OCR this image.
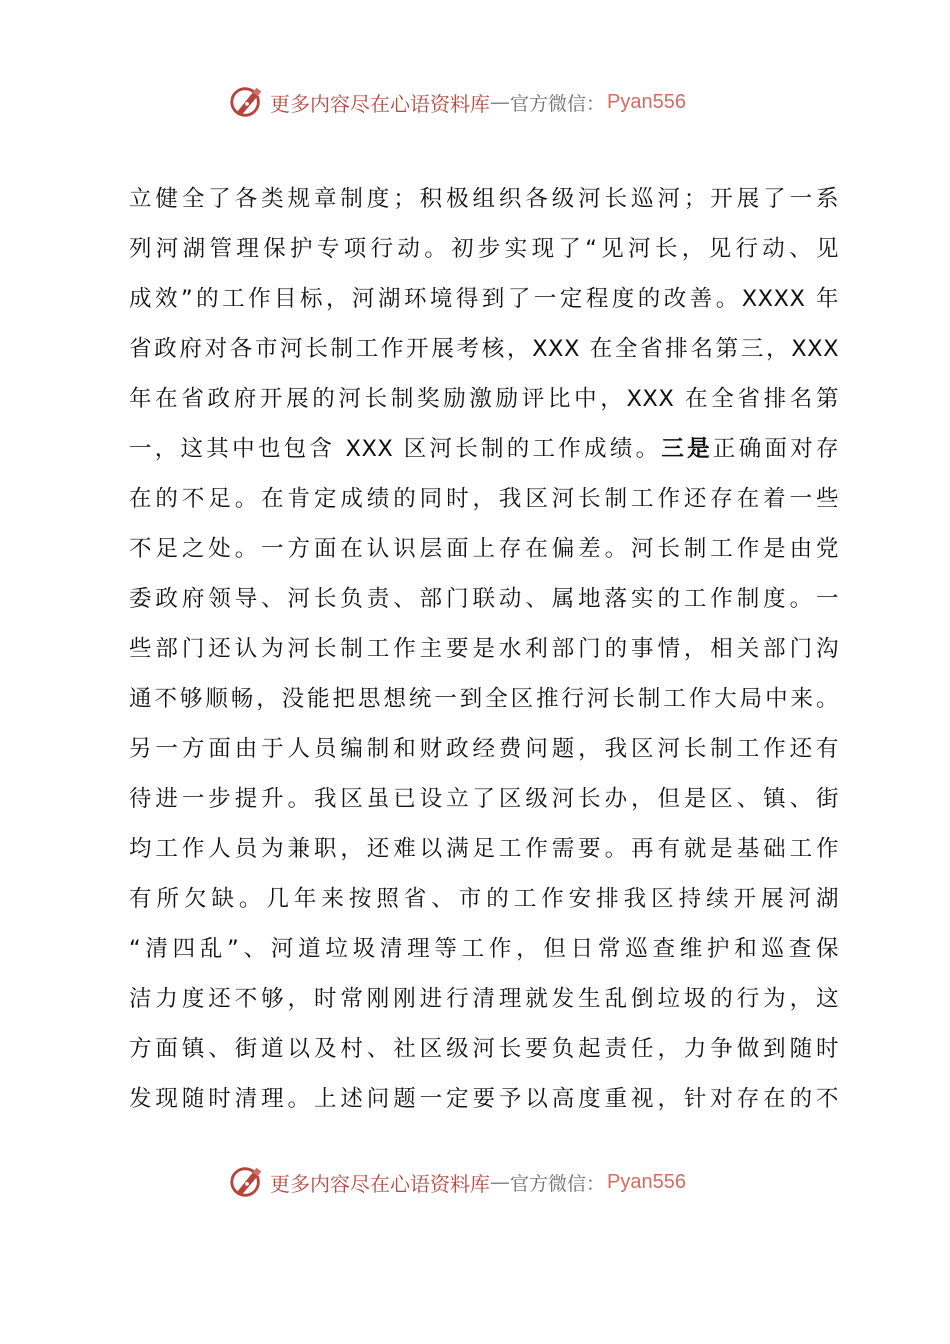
更多内容尽在心语资料库 — 官方微信： Pyan556
立健全了各类规章制度；积极组织各级河长巡河；开展了一系
列河湖管理保护专项行动。初步实现了“见河长，见行动、见
成效”的工作目标，河湖环境得到了一定程度的改善。XXXX 年
省政府对各市河长制工作开展考核，XXX 在全省排名第三，XXX
年在省政府开展的河长制奖励激励评比中，XXX 在全省排名第
一，这其中也包含 XXX 区河长制的工作成绩。三是正确面对存
在的不足。在肯定成绩的同时，我区河长制工作还存在着一些
不足之处。一方面在认识层面上存在偏差。河长制工作是由党
委政府领导、河长负责、部门联动、属地落实的工作制度。一
些部门还认为河长制工作主要是水利部门的事情，相关部门沟
通不够顺畅，没能把思想统一到全区推行河长制工作大局中来。
另一方面由于人员编制和财政经费问题，我区河长制工作还有
待进一步提升。我区虽已设立了区级河长办，但是区、镇、街
均工作人员为兼职，还难以满足工作需要。再有就是基础工作
有所欠缺。几年来按照省、市的工作安排我区持续开展河湖
“清四乱”、河道垃圾清理等工作，但日常巡查维护和巡查保
洁力度还不够，时常刚刚进行清理就发生乱倒垃圾的行为，这
方面镇、街道以及村、社区级河长要负起责任，力争做到随时
发现随时清理。上述问题一定要予以高度重视，针对存在的不
更多内容尽在心语资料库 — 官方微信： Pyan556
